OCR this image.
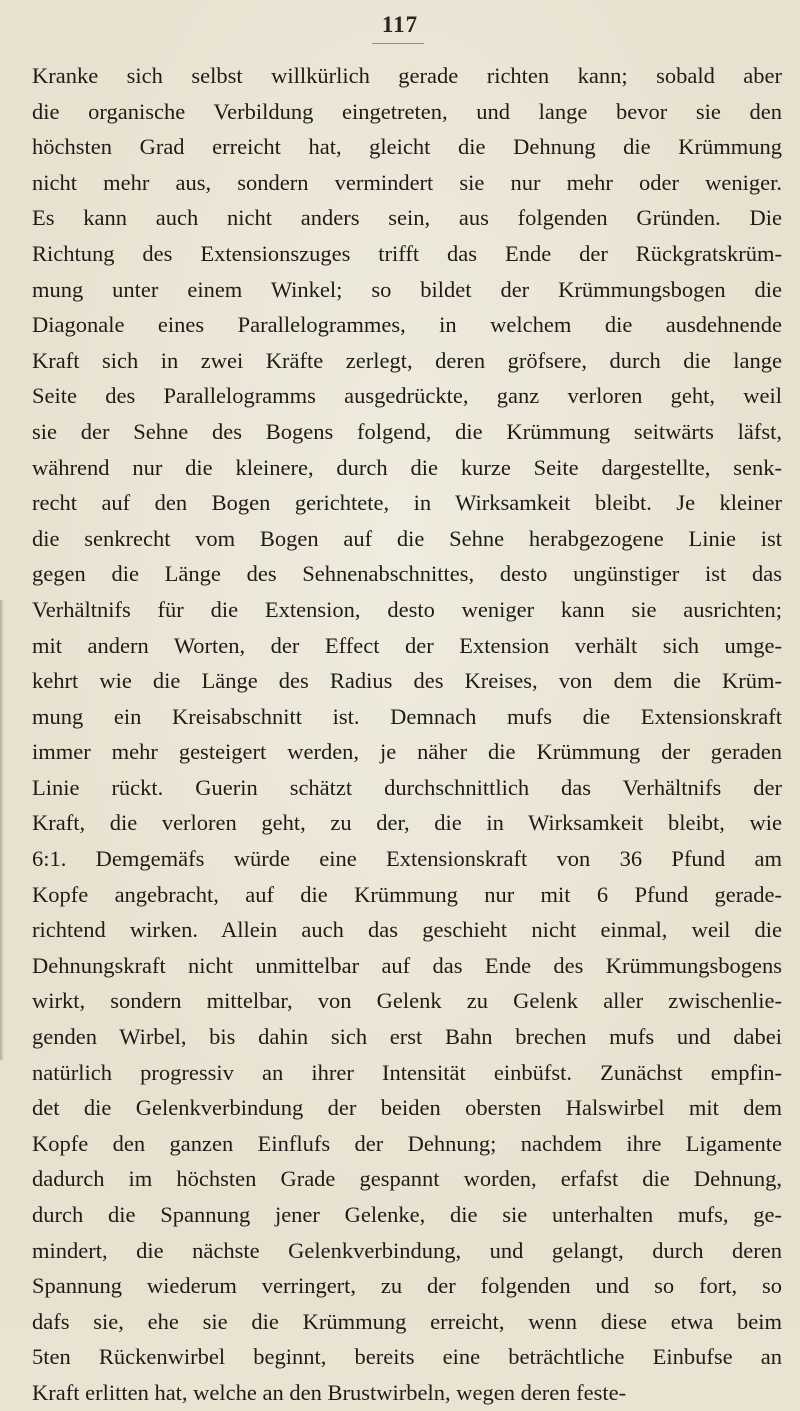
117
Kranke sich selbst willkürlich gerade richten kann; sobald aber
die organische Verbildung eingetreten, und lange bevor sie den
höchsten Grad erreicht hat, gleicht die Dehnung die Krümmung
nicht mehr aus, sondern vermindert sie nur mehr oder weniger.
Es kann auch nicht anders sein, aus folgenden Gründen. Die
Richtung des Extensionszuges trifft das Ende der Rückgratskrüm-
mung unter einem Winkel; so bildet der Krümmungsbogen die
Diagonale eines Parallelogrammes, in welchem die ausdehnende
Kraft sich in zwei Kräfte zerlegt, deren gröfsere, durch die lange
Seite des Parallelogramms ausgedrückte, ganz verloren geht, weil
sie der Sehne des Bogens folgend, die Krümmung seitwärts läfst,
während nur die kleinere, durch die kurze Seite dargestellte, senk-
recht auf den Bogen gerichtete, in Wirksamkeit bleibt. Je kleiner
die senkrecht vom Bogen auf die Sehne herabgezogene Linie ist
gegen die Länge des Sehnenabschnittes, desto ungünstiger ist das
Verhältnifs für die Extension, desto weniger kann sie ausrichten;
mit andern Worten, der Effect der Extension verhält sich umge-
kehrt wie die Länge des Radius des Kreises, von dem die Krüm-
mung ein Kreisabschnitt ist. Demnach mufs die Extensionskraft
immer mehr gesteigert werden, je näher die Krümmung der geraden
Linie rückt. Guerin schätzt durchschnittlich das Verhältnifs der
Kraft, die verloren geht, zu der, die in Wirksamkeit bleibt, wie
6:1. Demgemäfs würde eine Extensionskraft von 36 Pfund am
Kopfe angebracht, auf die Krümmung nur mit 6 Pfund gerade-
richtend wirken. Allein auch das geschieht nicht einmal, weil die
Dehnungskraft nicht unmittelbar auf das Ende des Krümmungsbogens
wirkt, sondern mittelbar, von Gelenk zu Gelenk aller zwischenlie-
genden Wirbel, bis dahin sich erst Bahn brechen mufs und dabei
natürlich progressiv an ihrer Intensität einbüfst. Zunächst empfin-
det die Gelenkverbindung der beiden obersten Halswirbel mit dem
Kopfe den ganzen Einflufs der Dehnung; nachdem ihre Ligamente
dadurch im höchsten Grade gespannt worden, erfafst die Dehnung,
durch die Spannung jener Gelenke, die sie unterhalten mufs, ge-
mindert, die nächste Gelenkverbindung, und gelangt, durch deren
Spannung wiederum verringert, zu der folgenden und so fort, so
dafs sie, ehe sie die Krümmung erreicht, wenn diese etwa beim
5ten Rückenwirbel beginnt, bereits eine beträchtliche Einbufse an
Kraft erlitten hat, welche an den Brustwirbeln, wegen deren feste-
